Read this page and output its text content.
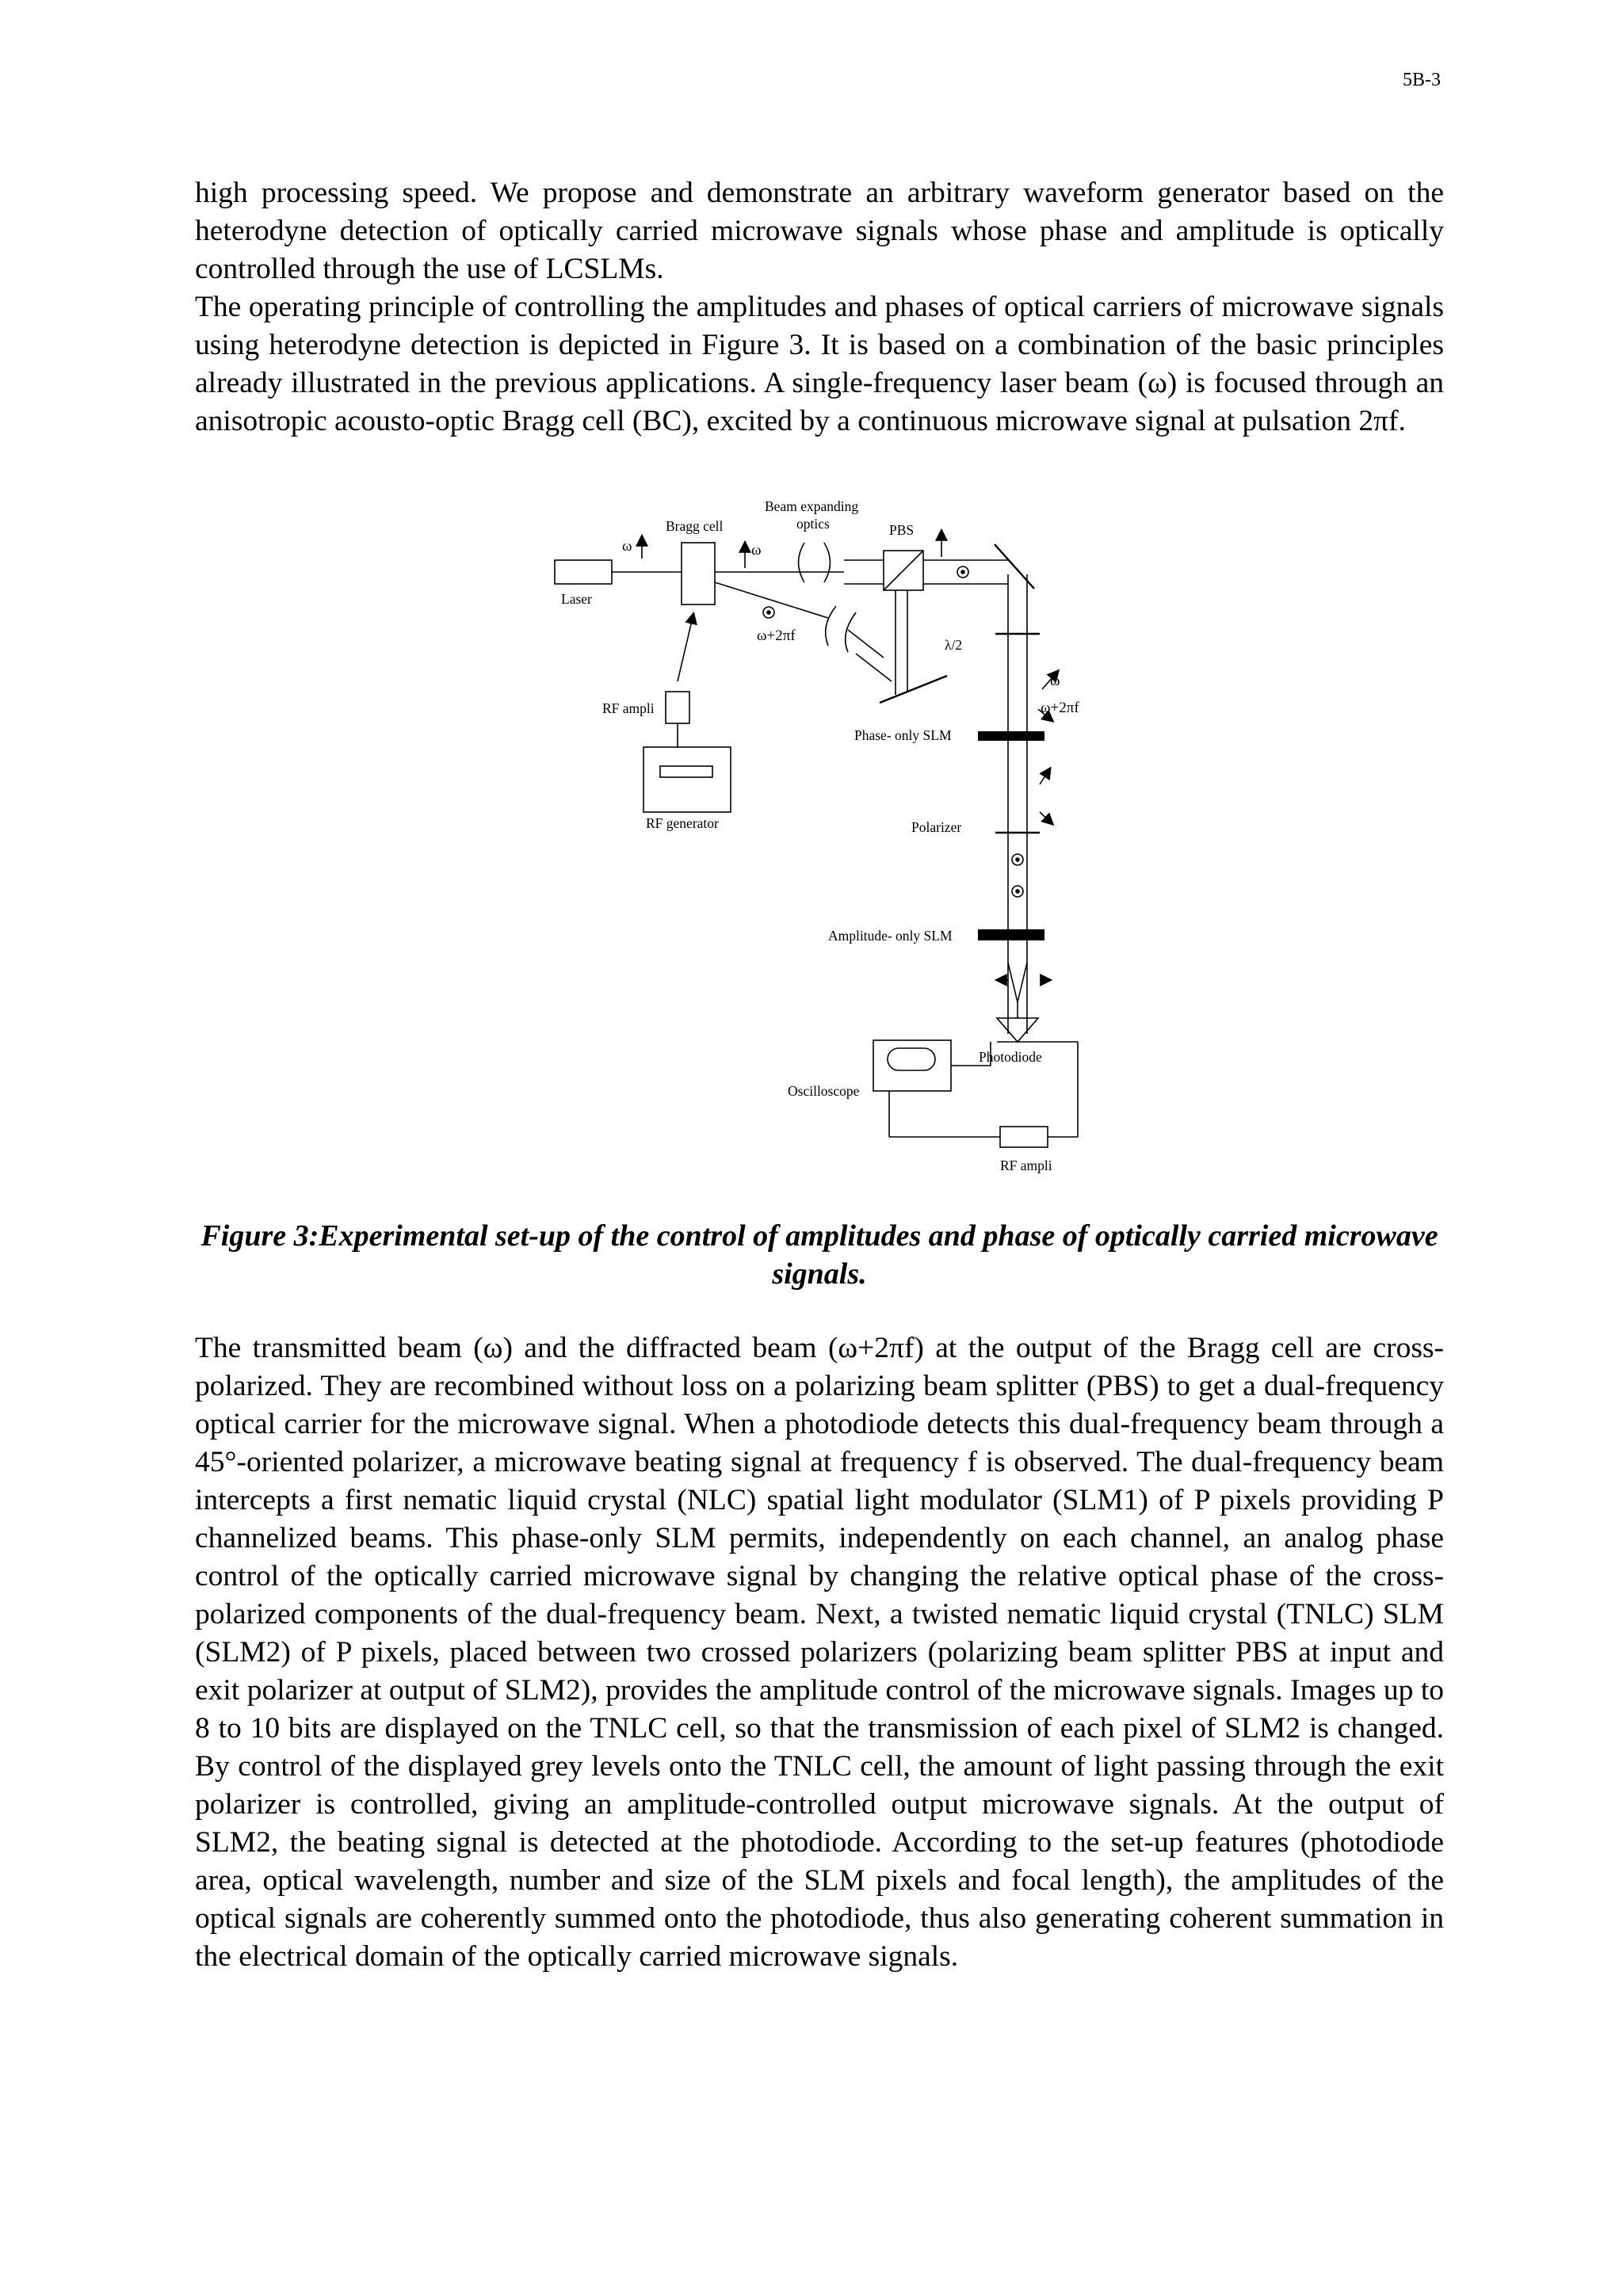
5B-3

high processing speed. We propose and demonstrate an arbitrary waveform generator based on the heterodyne detection of optically carried microwave signals whose phase and amplitude is optically controlled through the use of LCSLMs.

The operating principle of controlling the amplitudes and phases of optical carriers of microwave signals using heterodyne detection is depicted in Figure 3. It is based on a combination of the basic principles already illustrated in the previous applications. A single-frequency laser beam (ω) is focused through an anisotropic acousto-optic Bragg cell (BC), excited by a continuous microwave signal at pulsation 2πf.

Laser
Bragg cell
ω	ω
ω+2πf
Beam expanding
optics	PBS
λ/2
ω
ω+2πf
Phase- only SLM
Polarizer
Amplitude- only SLM
Photodiode
Oscilloscope
RF ampli
RF ampli
RF generator
Figure 3:Experimental set-up of the control of amplitudes and phase of optically carried microwave signals.

The transmitted beam (ω) and the diffracted beam (ω+2πf) at the output of the Bragg cell are cross-polarized. They are recombined without loss on a polarizing beam splitter (PBS) to get a dual-frequency optical carrier for the microwave signal. When a photodiode detects this dual-frequency beam through a 45°-oriented polarizer, a microwave beating signal at frequency f is observed. The dual-frequency beam intercepts a first nematic liquid crystal (NLC) spatial light modulator (SLM1) of P pixels providing P channelized beams. This phase-only SLM permits, independently on each channel, an analog phase control of the optically carried microwave signal by changing the relative optical phase of the cross-polarized components of the dual-frequency beam. Next, a twisted nematic liquid crystal (TNLC) SLM (SLM2) of P pixels, placed between two crossed polarizers (polarizing beam splitter PBS at input and exit polarizer at output of SLM2), provides the amplitude control of the microwave signals. Images up to 8 to 10 bits are displayed on the TNLC cell, so that the transmission of each pixel of SLM2 is changed. By control of the displayed grey levels onto the TNLC cell, the amount of light passing through the exit polarizer is controlled, giving an amplitude-controlled output microwave signals. At the output of SLM2, the beating signal is detected at the photodiode. According to the set-up features (photodiode area, optical wavelength, number and size of the SLM pixels and focal length), the amplitudes of the optical signals are coherently summed onto the photodiode, thus also generating coherent summation in the electrical domain of the optically carried microwave signals.
